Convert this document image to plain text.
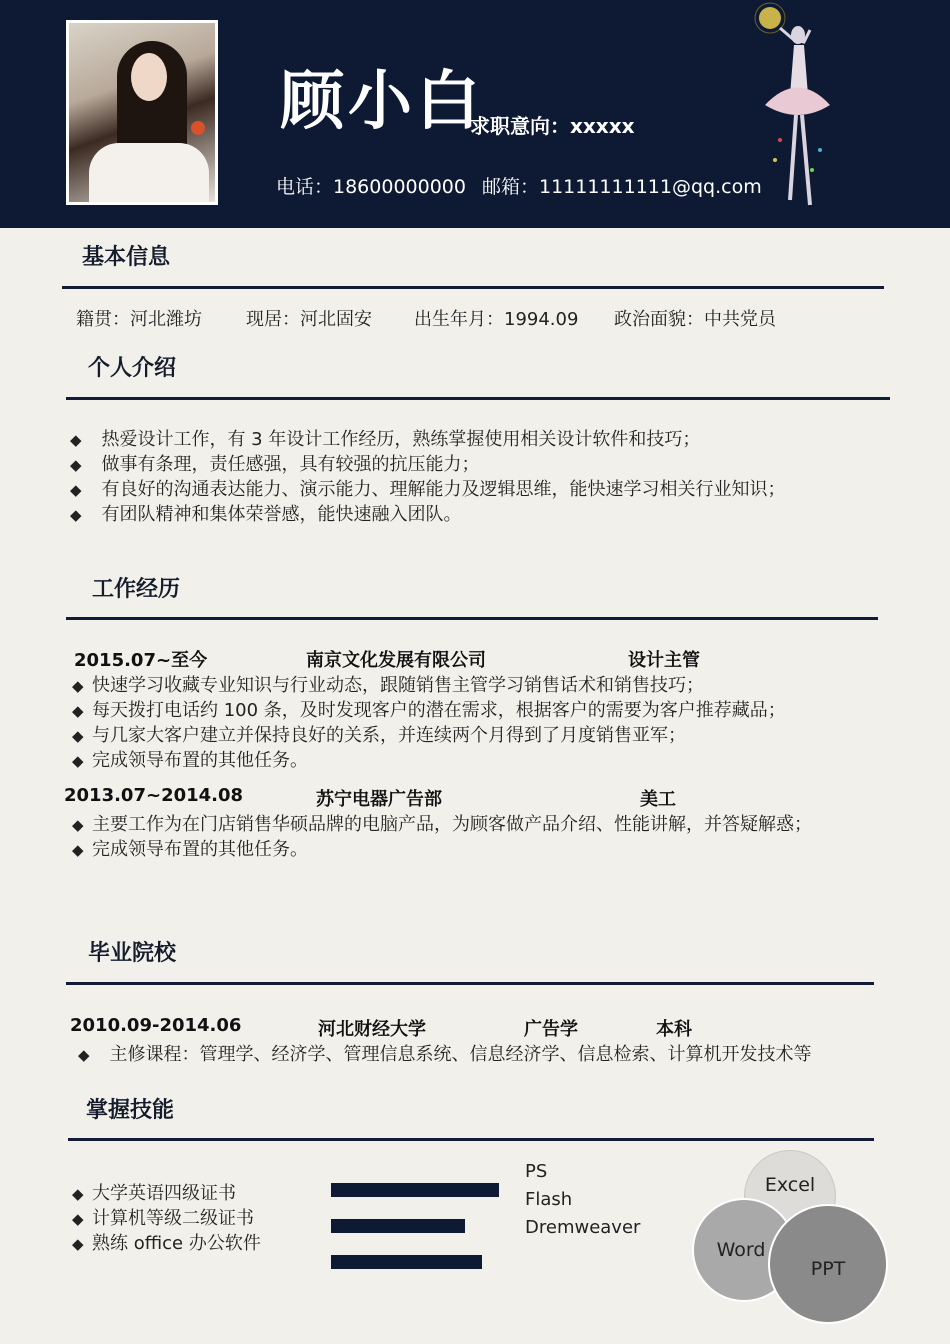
顾小白
求职意向：xxxxx
电话：18600000000 邮箱：11111111111@qq.com
基本信息
籍贯：河北潍坊 现居：河北固安 出生年月：1994.09 政治面貌：中共党员
个人介绍
◆ 热爱设计工作，有 3 年设计工作经历，熟练掌握使用相关设计软件和技巧；
◆ 做事有条理，责任感强，具有较强的抗压能力；
◆ 有良好的沟通表达能力、演示能力、理解能力及逻辑思维，能快速学习相关行业知识；
◆ 有团队精神和集体荣誉感，能快速融入团队。
工作经历
2015.07~至今	南京文化发展有限公司	设计主管
◆ 快速学习收藏专业知识与行业动态，跟随销售主管学习销售话术和销售技巧；
◆ 每天拨打电话约 100 条，及时发现客户的潜在需求，根据客户的需要为客户推荐藏品；
◆ 与几家大客户建立并保持良好的关系，并连续两个月得到了月度销售亚军；
◆ 完成领导布置的其他任务。
2013.07~2014.08	苏宁电器广告部	美工
◆ 主要工作为在门店销售华硕品牌的电脑产品，为顾客做产品介绍、性能讲解，并答疑解惑；
◆ 完成领导布置的其他任务。
毕业院校
2010.09-2014.06	河北财经大学	广告学	本科
◆ 主修课程：管理学、经济学、管理信息系统、信息经济学、信息检索、计算机开发技术等
掌握技能
◆ 大学英语四级证书
◆ 计算机等级二级证书
◆ 熟练 office 办公软件
PS
Flash
Dremweaver
Excel
Word
PPT
